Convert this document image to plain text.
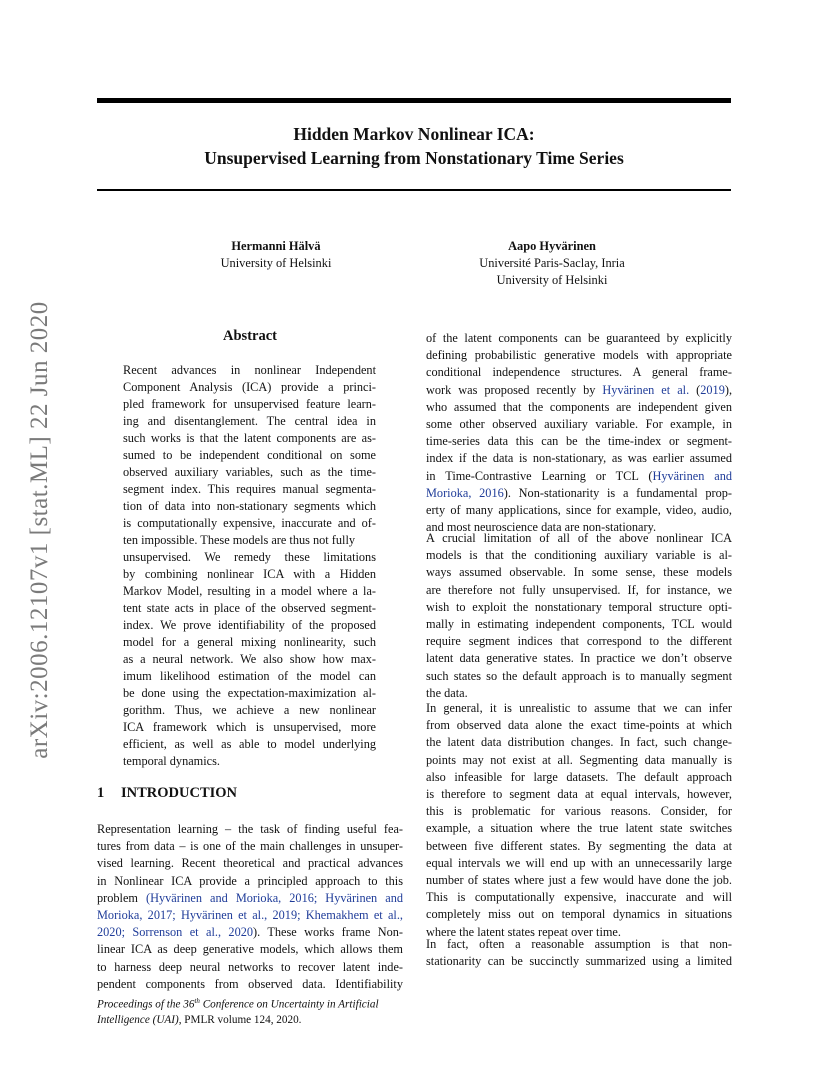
Hidden Markov Nonlinear ICA:
Unsupervised Learning from Nonstationary Time Series
Hermanni Hälvä
University of Helsinki
Aapo Hyvärinen
Université Paris-Saclay, Inria
University of Helsinki
arXiv:2006.12107v1 [stat.ML] 22 Jun 2020	Abstract
Recent advances in nonlinear Independent
Component Analysis (ICA) provide a princi-
pled framework for unsupervised feature learn-
ing and disentanglement. The central idea in
such works is that the latent components are as-
sumed to be independent conditional on some
observed auxiliary variables, such as the time-
segment index. This requires manual segmenta-
tion of data into non-stationary segments which
is computationally expensive, inaccurate and of-
ten impossible. These models are thus not fully
unsupervised. We remedy these limitations
by combining nonlinear ICA with a Hidden
Markov Model, resulting in a model where a la-
tent state acts in place of the observed segment-
index. We prove identifiability of the proposed
model for a general mixing nonlinearity, such
as a neural network. We also show how max-
imum likelihood estimation of the model can
be done using the expectation-maximization al-
gorithm. Thus, we achieve a new nonlinear
ICA framework which is unsupervised, more
efficient, as well as able to model underlying
temporal dynamics.
1 INTRODUCTION
Representation learning – the task of finding useful fea-
tures from data – is one of the main challenges in unsuper-
vised learning. Recent theoretical and practical advances
in Nonlinear ICA provide a principled approach to this
problem (Hyvärinen and Morioka, 2016; Hyvärinen and
Morioka, 2017; Hyvärinen et al., 2019; Khemakhem et al.,
2020; Sorrenson et al., 2020). These works frame Non-
linear ICA as deep generative models, which allows them
to harness deep neural networks to recover latent inde-
pendent components from observed data. Identifiability
Proceedings of the 36th Conference on Uncertainty in Artificial
Intelligence (UAI), PMLR volume 124, 2020.
of the latent components can be guaranteed by explicitly
defining probabilistic generative models with appropriate
conditional independence structures. A general frame-
work was proposed recently by Hyvärinen et al. (2019),
who assumed that the components are independent given
some other observed auxiliary variable. For example, in
time-series data this can be the time-index or segment-
index if the data is non-stationary, as was earlier assumed
in Time-Contrastive Learning or TCL (Hyvärinen and
Morioka, 2016). Non-stationarity is a fundamental prop-
erty of many applications, since for example, video, audio,
and most neuroscience data are non-stationary.
A crucial limitation of all of the above nonlinear ICA
models is that the conditioning auxiliary variable is al-
ways assumed observable. In some sense, these models
are therefore not fully unsupervised. If, for instance, we
wish to exploit the nonstationary temporal structure opti-
mally in estimating independent components, TCL would
require segment indices that correspond to the different
latent data generative states. In practice we don’t observe
such states so the default approach is to manually segment
the data.
In general, it is unrealistic to assume that we can infer
from observed data alone the exact time-points at which
the latent data distribution changes. In fact, such change-
points may not exist at all. Segmenting data manually is
also infeasible for large datasets. The default approach
is therefore to segment data at equal intervals, however,
this is problematic for various reasons. Consider, for
example, a situation where the true latent state switches
between five different states. By segmenting the data at
equal intervals we will end up with an unnecessarily large
number of states where just a few would have done the job.
This is computationally expensive, inaccurate and will
completely miss out on temporal dynamics in situations
where the latent states repeat over time.
In fact, often a reasonable assumption is that non-
stationarity can be succinctly summarized using a limited
